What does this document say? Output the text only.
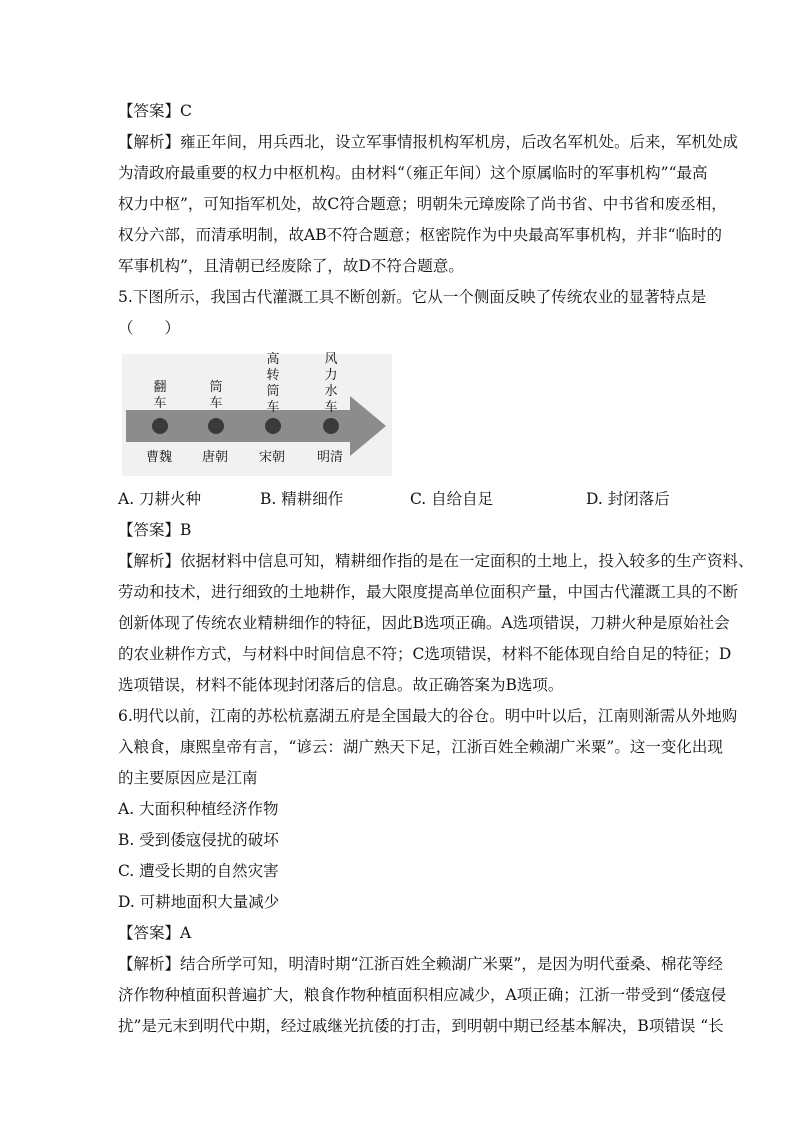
【答案】C
【解析】雍正年间，用兵西北，设立军事情报机构军机房，后改名军机处。后来，军机处成
为清政府最重要的权力中枢机构。由材料“（雍正年间）这个原属临时的军事机构”“最高
权力中枢”，可知指军机处，故C符合题意；明朝朱元璋废除了尚书省、中书省和废丞相，
权分六部，而清承明制，故AB不符合题意；枢密院作为中央最高军事机构，并非“临时的
军事机构”，且清朝已经废除了，故D不符合题意。
5.下图所示，我国古代灌溉工具不断创新。它从一个侧面反映了传统农业的显著特点是
（　　）
翻
车
筒
车
高
转
筒
车
风
力
水
车
曹魏 唐朝 宋朝 明清
A. 刀耕火种	B. 精耕细作	C. 自给自足	D. 封闭落后
【答案】B
【解析】依据材料中信息可知，精耕细作指的是在一定面积的土地上，投入较多的生产资料、
劳动和技术，进行细致的土地耕作，最大限度提高单位面积产量，中国古代灌溉工具的不断
创新体现了传统农业精耕细作的特征，因此B选项正确。A选项错误，刀耕火种是原始社会
的农业耕作方式，与材料中时间信息不符；C选项错误，材料不能体现自给自足的特征；D
选项错误，材料不能体现封闭落后的信息。故正确答案为B选项。
6.明代以前，江南的苏松杭嘉湖五府是全国最大的谷仓。明中叶以后，江南则渐需从外地购
入粮食，康熙皇帝有言，“谚云：湖广熟天下足，江浙百姓全赖湖广米粟”。这一变化出现
的主要原因应是江南
A. 大面积种植经济作物
B. 受到倭寇侵扰的破坏
C. 遭受长期的自然灾害
D. 可耕地面积大量减少
【答案】A
【解析】结合所学可知，明清时期“江浙百姓全赖湖广米粟”，是因为明代蚕桑、棉花等经
济作物种植面积普遍扩大，粮食作物种植面积相应减少，A项正确；江浙一带受到“倭寇侵
扰”是元末到明代中期，经过戚继光抗倭的打击，到明朝中期已经基本解决，B项错误 “长
